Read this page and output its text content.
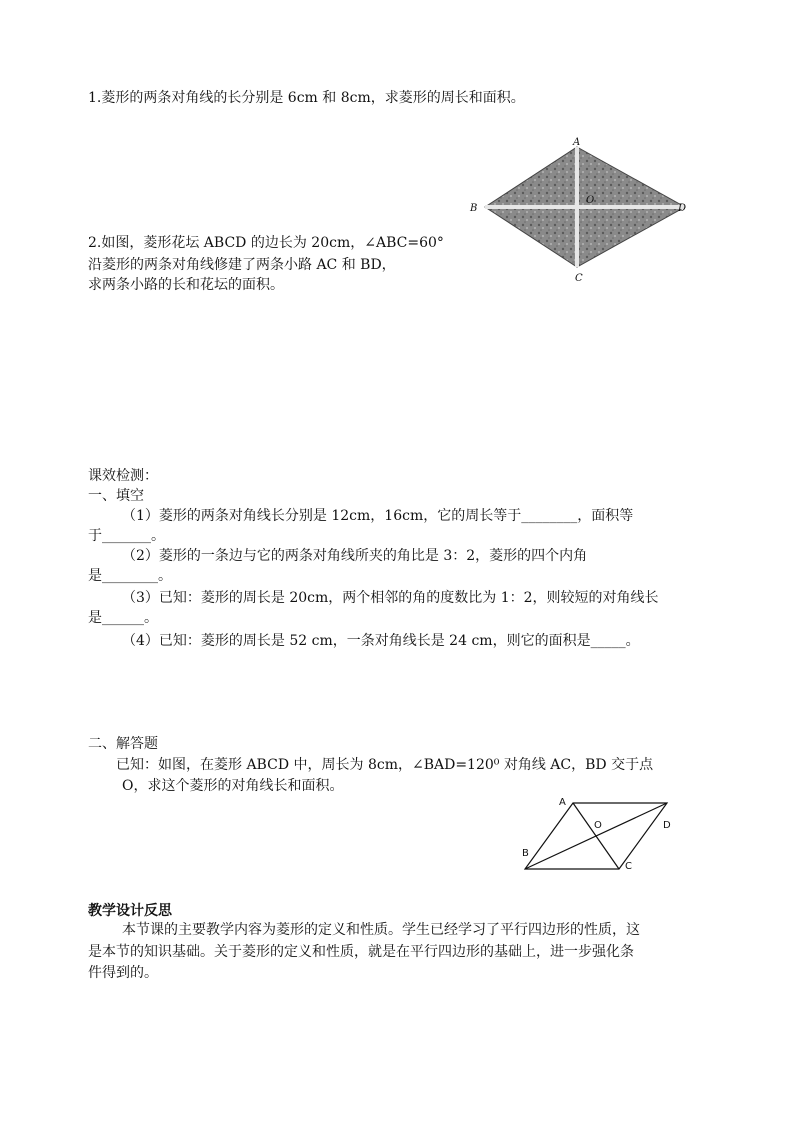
1.菱形的两条对角线的长分别是 6cm 和 8cm，求菱形的周长和面积。
A
B
C
D
O
2.如图，菱形花坛 ABCD 的边长为 20cm，∠ABC=60°
沿菱形的两条对角线修建了两条小路 AC 和 BD，
求两条小路的长和花坛的面积。
课效检测：
一、填空
（1）菱形的两条对角线长分别是 12cm，16cm，它的周长等于________，面积等
于_______。
（2）菱形的一条边与它的两条对角线所夹的角比是 3：2，菱形的四个内角
是________。
（3）已知：菱形的周长是 20cm，两个相邻的角的度数比为 1：2，则较短的对角线长
是______。
（4）已知：菱形的周长是 52 cm，一条对角线长是 24 cm，则它的面积是_____。
二、解答题
已知：如图，在菱形 ABCD 中，周长为 8cm，∠BAD=120⁰ 对角线 AC，BD 交于点
O，求这个菱形的对角线长和面积。
A
B
C
D
O
教学设计反思
本节课的主要教学内容为菱形的定义和性质。学生已经学习了平行四边形的性质，这
是本节的知识基础。关于菱形的定义和性质，就是在平行四边形的基础上，进一步强化条
件得到的。
